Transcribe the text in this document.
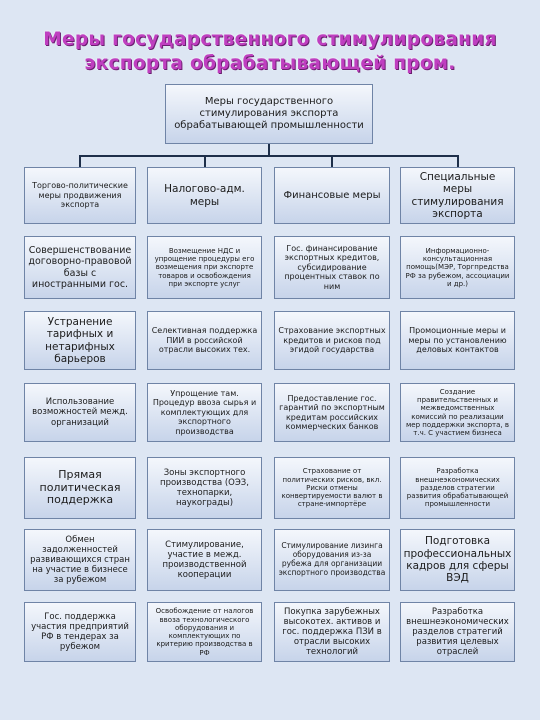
Меры государственного стимулирования
экспорта обрабатывающей пром.
Меры государственного стимулирования экспорта обрабатывающей промышленности
Торгово-политические меры продвижения экспорта
Налогово-адм. меры
Финансовые меры
Специальные меры стимулирования экспорта
Совершенствование договорно-правовой базы с иностранными гос.
Возмещение НДС и упрощение процедуры его возмещения при экспорте товаров и освобождения при экспорте услуг
Гос. финансирование экспортных кредитов, субсидирование процентных ставок по ним
Информационно-консультационная помощь(МЭР, Торгпредства РФ за рубежом, ассоциации и др.)
Устранение тарифных и нетарифных барьеров
Селективная поддержка ПИИ в российской отрасли высоких тех.
Страхование экспортных кредитов и рисков под эгидой государства
Промоционные меры и меры по установлению деловых контактов
Использование возможностей межд. организаций
Упрощение там. Процедур ввоза сырья и комплектующих для экспортного производства
Предоставление гос. гарантий по экспортным кредитам российских коммерческих банков
Создание правительственных и межведомственных комиссий по реализации мер поддержки экспорта, в т.ч. С участием бизнеса
Прямая политическая поддержка
Зоны экспортного производства (ОЭЗ, технопарки, наукограды)
Страхование от политических рисков, вкл. Риски отмены конвертируемости валют в стране-импортёре
Разработка внешнеэкономических разделов стратегии развития обрабатывающей промышленности
Обмен задолженностей развивающихся стран на участие в бизнесе за рубежом
Стимулирование, участие в межд. производственной кооперации
Стимулирование лизинга оборудования из-за рубежа для организации экспортного производства
Подготовка профессиональных кадров для сферы ВЭД
Гос. поддержка участия предприятий РФ в тендерах за рубежом
Освобождение от налогов ввоза технологического оборудования и комплектующих по критерию производства в РФ
Покупка зарубежных высокотех. активов и гос. поддержка ПЗИ в отрасли высоких технологий
Разработка внешнеэкономических разделов стратегий развития целевых отраслей
